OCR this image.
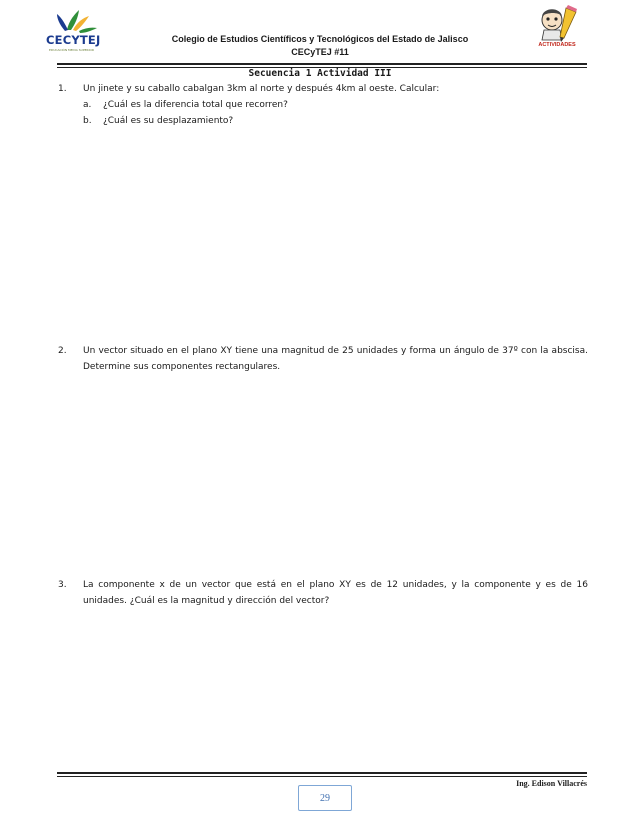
CECYTEJ
EDUCACIÓN MEDIA SUPERIOR
Colegio de Estudios Científicos y Tecnológicos del Estado de Jalisco
CECyTEJ #11
ACTIVIDADES
Secuencia 1 Actividad III
1. Un jinete y su caballo cabalgan 3km al norte y después 4km al oeste. Calcular:
a. ¿Cuál es la diferencia total que recorren?
b. ¿Cuál es su desplazamiento?
2. Un vector situado en el plano XY tiene una magnitud de 25 unidades y forma un ángulo de 37º con la abscisa. Determine sus componentes rectangulares.
3. La componente x de un vector que está en el plano XY es de 12 unidades, y la componente y es de 16 unidades. ¿Cuál es la magnitud y dirección del vector?
Ing. Edison Villacrés
29
